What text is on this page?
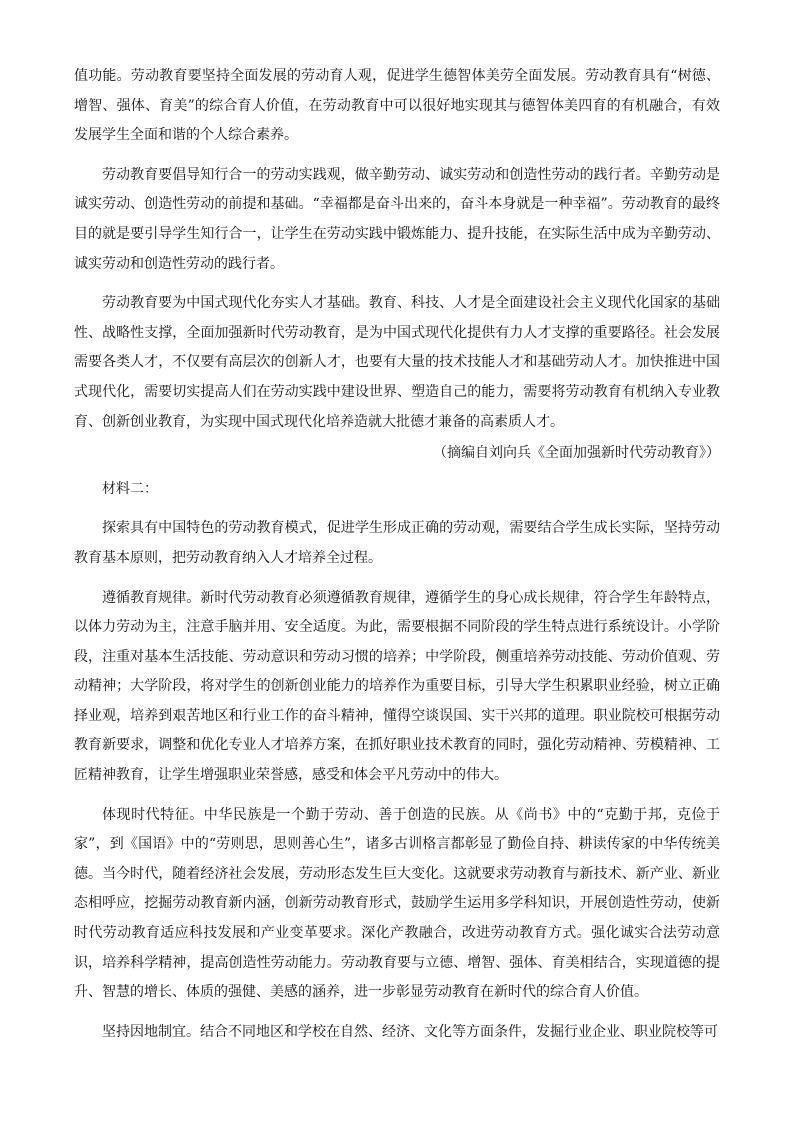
值功能。劳动教育要坚持全面发展的劳动育人观，促进学生德智体美劳全面发展。劳动教育具有“树德、增智、强体、育美”的综合育人价值，在劳动教育中可以很好地实现其与德智体美四育的有机融合，有效发展学生全面和谐的个人综合素养。

劳动教育要倡导知行合一的劳动实践观，做辛勤劳动、诚实劳动和创造性劳动的践行者。辛勤劳动是诚实劳动、创造性劳动的前提和基础。“幸福都是奋斗出来的，奋斗本身就是一种幸福”。劳动教育的最终目的就是要引导学生知行合一，让学生在劳动实践中锻炼能力、提升技能，在实际生活中成为辛勤劳动、诚实劳动和创造性劳动的践行者。

劳动教育要为中国式现代化夯实人才基础。教育、科技、人才是全面建设社会主义现代化国家的基础性、战略性支撑，全面加强新时代劳动教育，是为中国式现代化提供有力人才支撑的重要路径。社会发展需要各类人才，不仅要有高层次的创新人才，也要有大量的技术技能人才和基础劳动人才。加快推进中国式现代化，需要切实提高人们在劳动实践中建设世界、塑造自己的能力，需要将劳动教育有机纳入专业教育、创新创业教育，为实现中国式现代化培养造就大批德才兼备的高素质人才。

（摘编自刘向兵《全面加强新时代劳动教育》）

材料二：

探索具有中国特色的劳动教育模式，促进学生形成正确的劳动观，需要结合学生成长实际，坚持劳动教育基本原则，把劳动教育纳入人才培养全过程。

遵循教育规律。新时代劳动教育必须遵循教育规律，遵循学生的身心成长规律，符合学生年龄特点，以体力劳动为主，注意手脑并用、安全适度。为此，需要根据不同阶段的学生特点进行系统设计。小学阶段，注重对基本生活技能、劳动意识和劳动习惯的培养；中学阶段，侧重培养劳动技能、劳动价值观、劳动精神；大学阶段，将对学生的创新创业能力的培养作为重要目标，引导大学生积累职业经验，树立正确择业观，培养到艰苦地区和行业工作的奋斗精神，懂得空谈误国、实干兴邦的道理。职业院校可根据劳动教育新要求，调整和优化专业人才培养方案，在抓好职业技术教育的同时，强化劳动精神、劳模精神、工匠精神教育，让学生增强职业荣誉感，感受和体会平凡劳动中的伟大。

体现时代特征。中华民族是一个勤于劳动、善于创造的民族。从《尚书》中的“克勤于邦，克俭于家”，到《国语》中的“劳则思，思则善心生”，诸多古训格言都彰显了勤俭自持、耕读传家的中华传统美德。当今时代，随着经济社会发展，劳动形态发生巨大变化。这就要求劳动教育与新技术、新产业、新业态相呼应，挖掘劳动教育新内涵，创新劳动教育形式，鼓励学生运用多学科知识，开展创造性劳动，使新时代劳动教育适应科技发展和产业变革要求。深化产教融合，改进劳动教育方式。强化诚实合法劳动意识，培养科学精神，提高创造性劳动能力。劳动教育要与立德、增智、强体、育美相结合，实现道德的提升、智慧的增长、体质的强健、美感的涵养，进一步彰显劳动教育在新时代的综合育人价值。

坚持因地制宜。结合不同地区和学校在自然、经济、文化等方面条件，发掘行业企业、职业院校等可
